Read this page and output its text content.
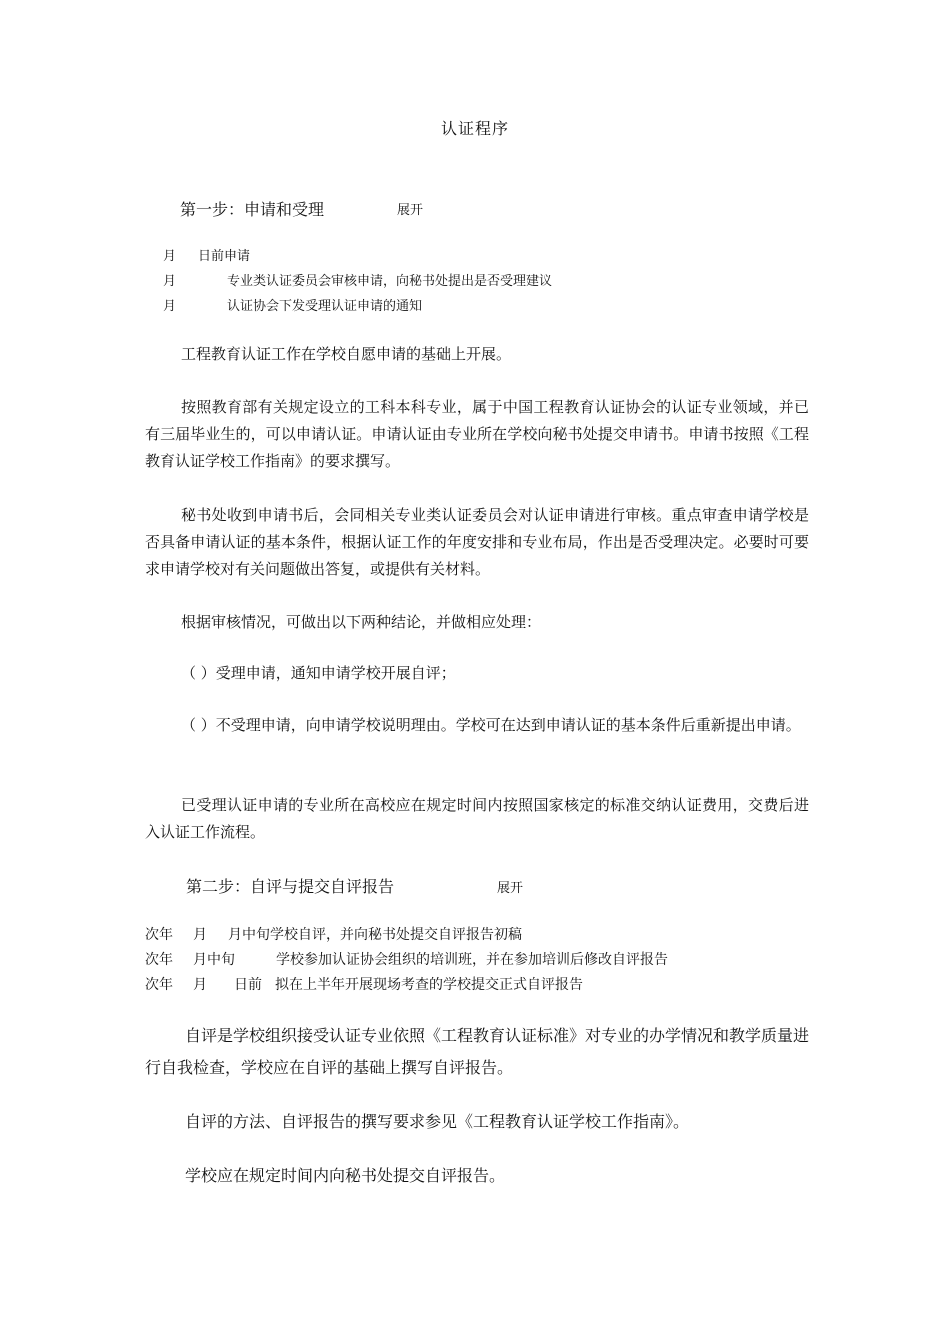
认证程序
第一步：申请和受理	展开
月 日前申请
月	专业类认证委员会审核申请，向秘书处提出是否受理建议
月	认证协会下发受理认证申请的通知
工程教育认证工作在学校自愿申请的基础上开展。
按照教育部有关规定设立的工科本科专业，属于中国工程教育认证协会的认证专业领域，并已有三届毕业生的，可以申请认证。申请认证由专业所在学校向秘书处提交申请书。申请书按照《工程教育认证学校工作指南》的要求撰写。
秘书处收到申请书后，会同相关专业类认证委员会对认证申请进行审核。重点审查申请学校是否具备申请认证的基本条件，根据认证工作的年度安排和专业布局，作出是否受理决定。必要时可要求申请学校对有关问题做出答复，或提供有关材料。
根据审核情况，可做出以下两种结论，并做相应处理：
（ ）受理申请，通知申请学校开展自评；
（ ）不受理申请，向申请学校说明理由。学校可在达到申请认证的基本条件后重新提出申请。
已受理认证申请的专业所在高校应在规定时间内按照国家核定的标准交纳认证费用，交费后进入认证工作流程。
第二步：自评与提交自评报告	展开
次年 月 月中旬学校自评，并向秘书处提交自评报告初稿
次年 月中旬	学校参加认证协会组织的培训班，并在参加培训后修改自评报告
次年 月 日前 拟在上半年开展现场考查的学校提交正式自评报告
自评是学校组织接受认证专业依照《工程教育认证标准》对专业的办学情况和教学质量进行自我检查，学校应在自评的基础上撰写自评报告。
自评的方法、自评报告的撰写要求参见《工程教育认证学校工作指南》。
学校应在规定时间内向秘书处提交自评报告。
